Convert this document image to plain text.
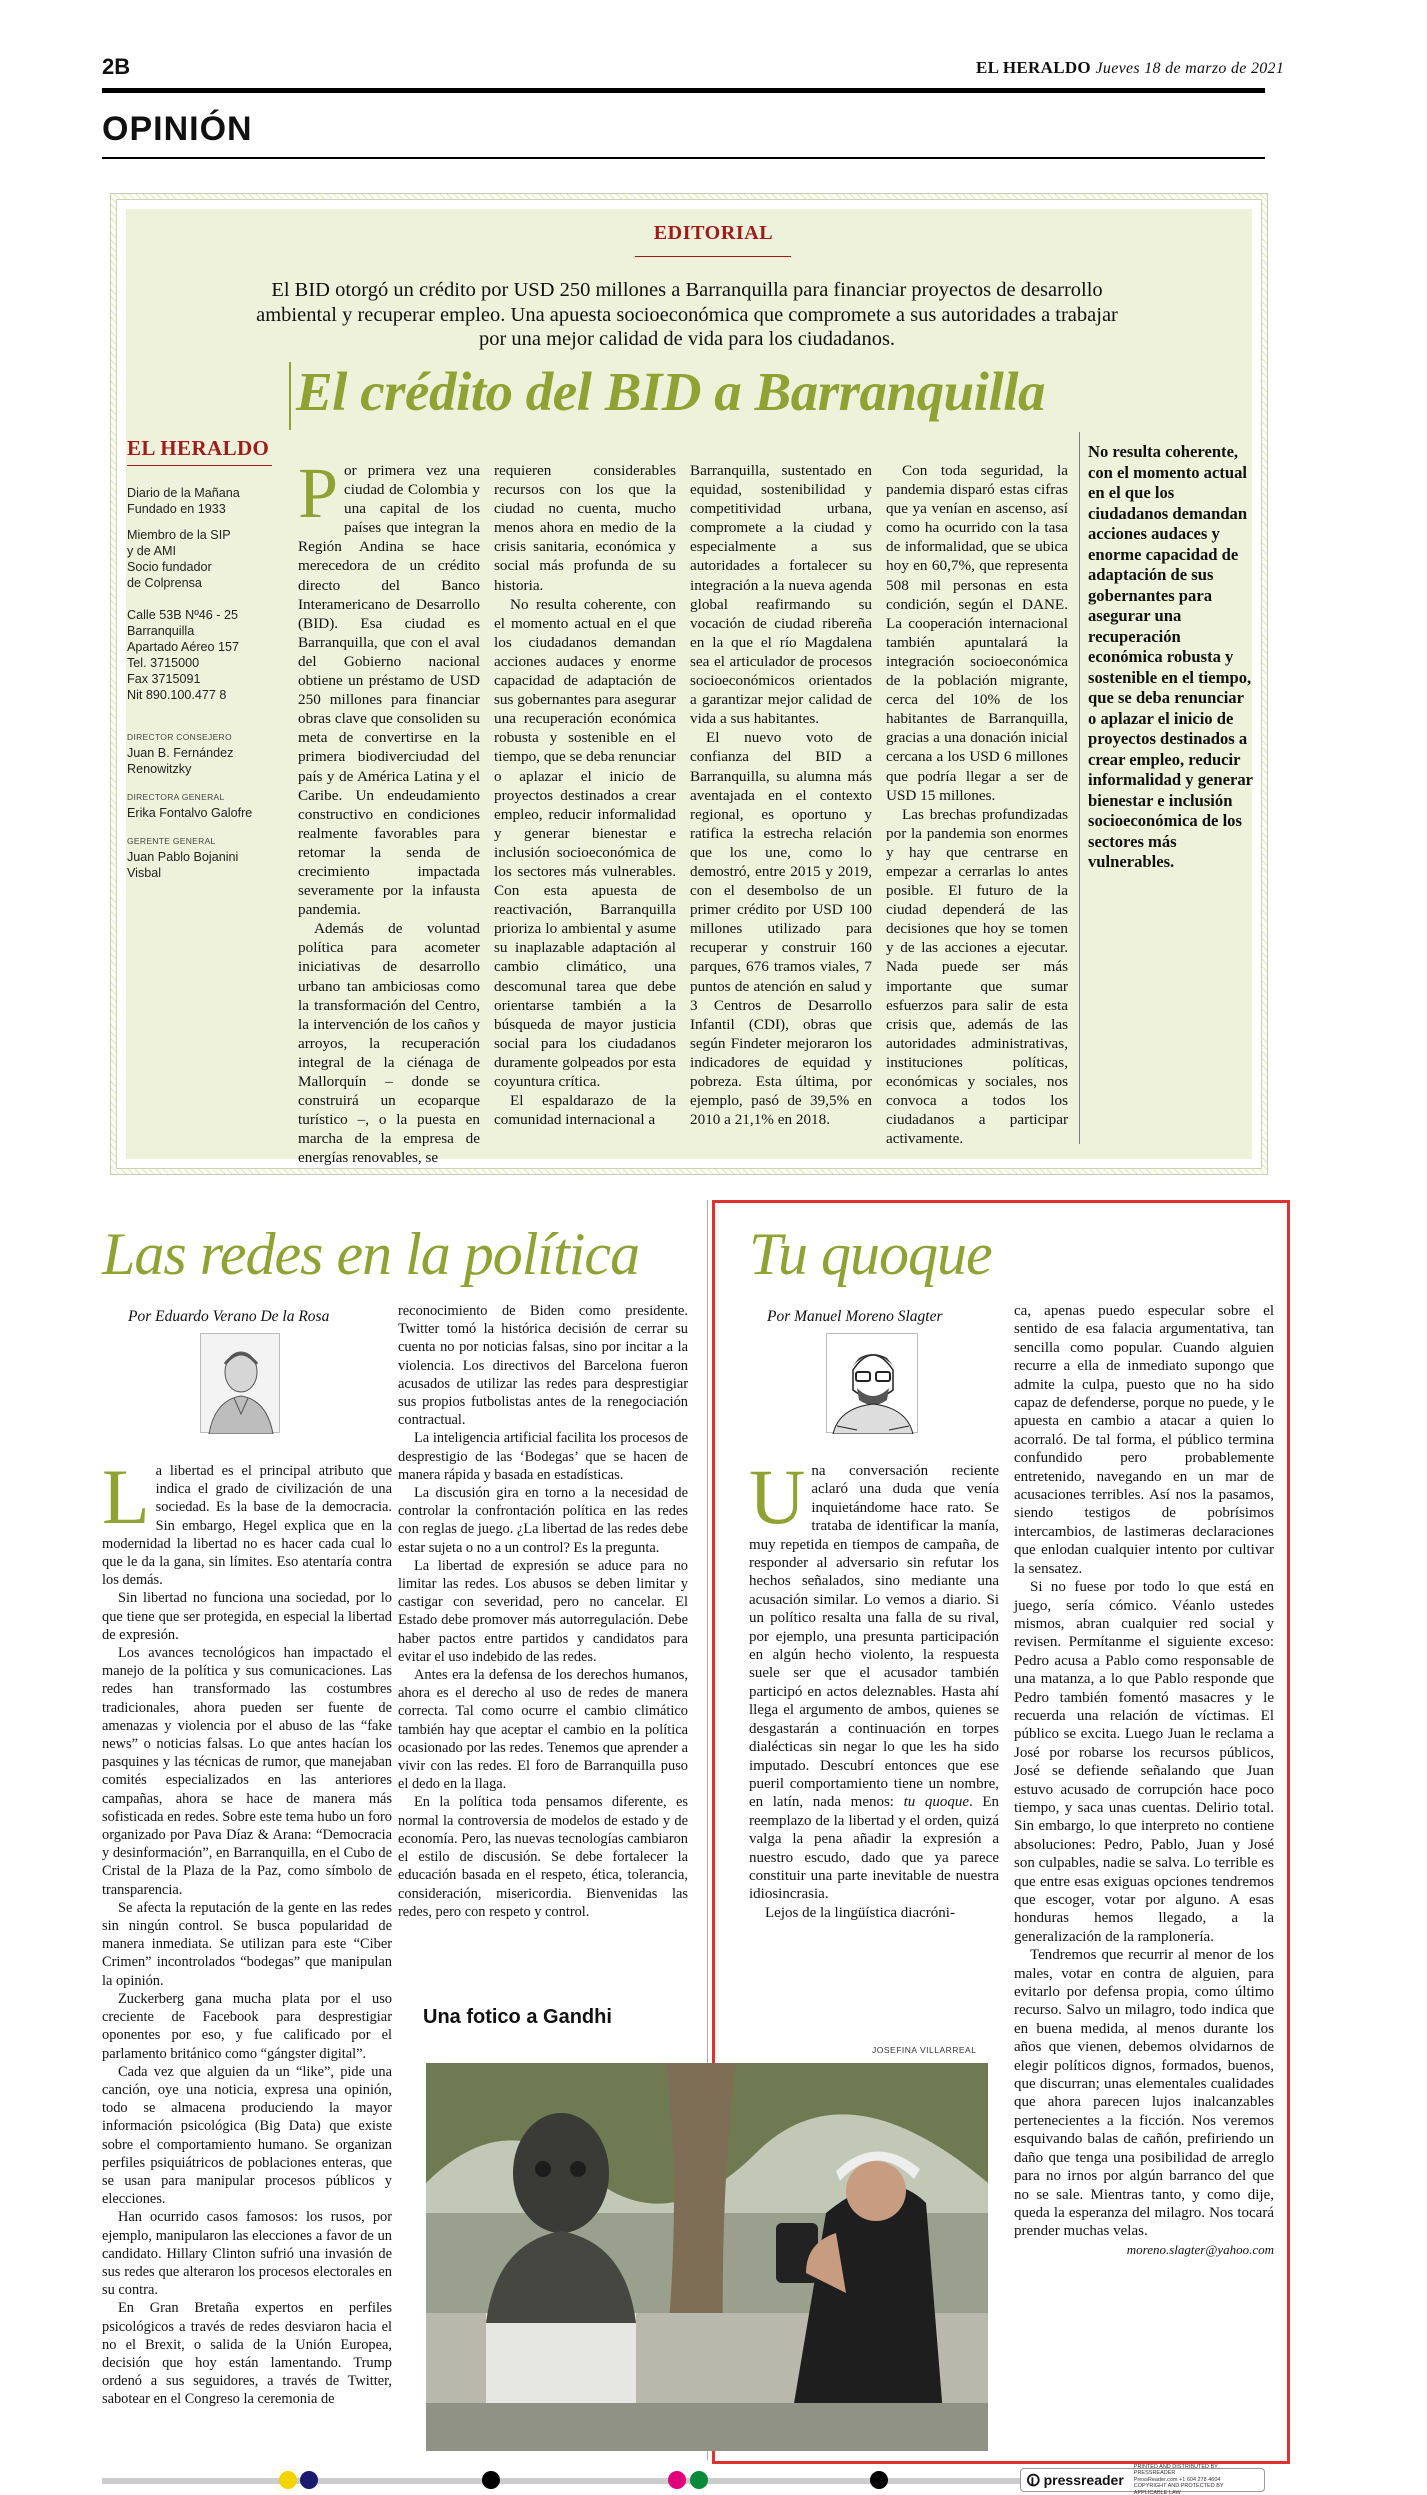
2B	EL HERALDO Jueves 18 de marzo de 2021
OPINIÓN
EDITORIAL
El BID otorgó un crédito por USD 250 millones a Barranquilla para financiar proyectos de desarrollo ambiental y recuperar empleo. Una apuesta socioeconómica que compromete a sus autoridades a trabajar por una mejor calidad de vida para los ciudadanos.
El crédito del BID a Barranquilla
EL HERALDO
Diario de la Mañana
Fundado en 1933
Miembro de la SIP
y de AMI
Socio fundador
de Colprensa
Calle 53B Nº46 - 25
Barranquilla
Apartado Aéreo 157
Tel. 3715000
Fax 3715091
Nit 890.100.477 8
DIRECTOR CONSEJERO
Juan B. Fernández
Renowitzky
DIRECTORA GENERAL
Erika Fontalvo Galofre
GERENTE GENERAL
Juan Pablo Bojanini
Visbal

Por primera vez una ciudad de Colombia y una capital de los países que integran la Región Andina se hace merecedora de un crédito directo del Banco Interamericano de Desarrollo (BID). Esa ciudad es Barranquilla, que con el aval del Gobierno nacional obtiene un préstamo de USD 250 millones para financiar obras clave que consoliden su meta de convertirse en la primera biodiverciudad del país y de América Latina y el Caribe. Un endeudamiento constructivo en condiciones realmente favorables para retomar la senda de crecimiento impactada severamente por la infausta pandemia.

Además de voluntad política para acometer iniciativas de desarrollo urbano tan ambiciosas como la transformación del Centro, la intervención de los caños y arroyos, la recuperación integral de la ciénaga de Mallorquín – donde se construirá un ecoparque turístico –, o la puesta en marcha de la empresa de energías renovables, se

requieren considerables recursos con los que la ciudad no cuenta, mucho menos ahora en medio de la crisis sanitaria, económica y social más profunda de su historia.

No resulta coherente, con el momento actual en el que los ciudadanos demandan acciones audaces y enorme capacidad de adaptación de sus gobernantes para asegurar una recuperación económica robusta y sostenible en el tiempo, que se deba renunciar o aplazar el inicio de proyectos destinados a crear empleo, reducir informalidad y generar bienestar e inclusión socioeconómica de los sectores más vulnerables. Con esta apuesta de reactivación, Barranquilla prioriza lo ambiental y asume su inaplazable adaptación al cambio climático, una descomunal tarea que debe orientarse también a la búsqueda de mayor justicia social para los ciudadanos duramente golpeados por esta coyuntura crítica.

El espaldarazo de la comunidad internacional a

Barranquilla, sustentado en equidad, sostenibilidad y competitividad urbana, compromete a la ciudad y especialmente a sus autoridades a fortalecer su integración a la nueva agenda global reafirmando su vocación de ciudad ribereña en la que el río Magdalena sea el articulador de procesos socioeconómicos orientados a garantizar mejor calidad de vida a sus habitantes.

El nuevo voto de confianza del BID a Barranquilla, su alumna más aventajada en el contexto regional, es oportuno y ratifica la estrecha relación que los une, como lo demostró, entre 2015 y 2019, con el desembolso de un primer crédito por USD 100 millones utilizado para recuperar y construir 160 parques, 676 tramos viales, 7 puntos de atención en salud y 3 Centros de Desarrollo Infantil (CDI), obras que según Findeter mejoraron los indicadores de equidad y pobreza. Esta última, por ejemplo, pasó de 39,5% en 2010 a 21,1% en 2018.

Con toda seguridad, la pandemia disparó estas cifras que ya venían en ascenso, así como ha ocurrido con la tasa de informalidad, que se ubica hoy en 60,7%, que representa 508 mil personas en esta condición, según el DANE. La cooperación internacional también apuntalará la integración socioeconómica de la población migrante, cerca del 10% de los habitantes de Barranquilla, gracias a una donación inicial cercana a los USD 6 millones que podría llegar a ser de USD 15 millones.

Las brechas profundizadas por la pandemia son enormes y hay que centrarse en empezar a cerrarlas lo antes posible. El futuro de la ciudad dependerá de las decisiones que hoy se tomen y de las acciones a ejecutar. Nada puede ser más importante que sumar esfuerzos para salir de esta crisis que, además de las autoridades administrativas, instituciones políticas, económicas y sociales, nos convoca a todos los ciudadanos a participar activamente.

No resulta coherente, con el momento actual en el que los ciudadanos demandan acciones audaces y enorme capacidad de adaptación de sus gobernantes para asegurar una recuperación económica robusta y sostenible en el tiempo, que se deba renunciar o aplazar el inicio de proyectos destinados a crear empleo, reducir informalidad y generar bienestar e inclusión socioeconómica de los sectores más vulnerables.
Las redes en la política
Por Eduardo Verano De la Rosa

La libertad es el principal atributo que indica el grado de civilización de una sociedad. Es la base de la democracia. Sin embargo, Hegel explica que en la modernidad la libertad no es hacer cada cual lo que le da la gana, sin límites. Eso atentaría contra los demás.

Sin libertad no funciona una sociedad, por lo que tiene que ser protegida, en especial la libertad de expresión.

Los avances tecnológicos han impactado el manejo de la política y sus comunicaciones. Las redes han transformado las costumbres tradicionales, ahora pueden ser fuente de amenazas y violencia por el abuso de las “fake news” o noticias falsas. Lo que antes hacían los pasquines y las técnicas de rumor, que manejaban comités especializados en las anteriores campañas, ahora se hace de manera más sofisticada en redes. Sobre este tema hubo un foro organizado por Pava Díaz & Arana: “Democracia y desinformación”, en Barranquilla, en el Cubo de Cristal de la Plaza de la Paz, como símbolo de transparencia.

Se afecta la reputación de la gente en las redes sin ningún control. Se busca popularidad de manera inmediata. Se utilizan para este “Ciber Crimen” incontrolados “bodegas” que manipulan la opinión.

Zuckerberg gana mucha plata por el uso creciente de Facebook para desprestigiar oponentes por eso, y fue calificado por el parlamento británico como “gángster digital”.

Cada vez que alguien da un “like”, pide una canción, oye una noticia, expresa una opinión, todo se almacena produciendo la mayor información psicológica (Big Data) que existe sobre el comportamiento humano. Se organizan perfiles psiquiátricos de poblaciones enteras, que se usan para manipular procesos públicos y elecciones.

Han ocurrido casos famosos: los rusos, por ejemplo, manipularon las elecciones a favor de un candidato. Hillary Clinton sufrió una invasión de sus redes que alteraron los procesos electorales en su contra.

En Gran Bretaña expertos en perfiles psicológicos a través de redes desviaron hacia el no el Brexit, o salida de la Unión Europea, decisión que hoy están lamentando. Trump ordenó a sus seguidores, a través de Twitter, sabotear en el Congreso la ceremonia de

reconocimiento de Biden como presidente. Twitter tomó la histórica decisión de cerrar su cuenta no por noticias falsas, sino por incitar a la violencia. Los directivos del Barcelona fueron acusados de utilizar las redes para desprestigiar sus propios futbolistas antes de la renegociación contractual.

La inteligencia artificial facilita los procesos de desprestigio de las ‘Bodegas’ que se hacen de manera rápida y basada en estadísticas.

La discusión gira en torno a la necesidad de controlar la confrontación política en las redes con reglas de juego. ¿La libertad de las redes debe estar sujeta o no a un control? Es la pregunta.

La libertad de expresión se aduce para no limitar las redes. Los abusos se deben limitar y castigar con severidad, pero no cancelar. El Estado debe promover más autorregulación. Debe haber pactos entre partidos y candidatos para evitar el uso indebido de las redes.

Antes era la defensa de los derechos humanos, ahora es el derecho al uso de redes de manera correcta. Tal como ocurre el cambio climático también hay que aceptar el cambio en la política ocasionado por las redes. Tenemos que aprender a vivir con las redes. El foro de Barranquilla puso el dedo en la llaga.

En la política toda pensamos diferente, es normal la controversia de modelos de estado y de economía. Pero, las nuevas tecnologías cambiaron el estilo de discusión. Se debe fortalecer la educación basada en el respeto, ética, tolerancia, consideración, misericordia. Bienvenidas las redes, pero con respeto y control.

Tu quoque
Por Manuel Moreno Slagter

Una conversación reciente aclaró una duda que venía inquietándome hace rato. Se trataba de identificar la manía, muy repetida en tiempos de campaña, de responder al adversario sin refutar los hechos señalados, sino mediante una acusación similar. Lo vemos a diario. Si un político resalta una falla de su rival, por ejemplo, una presunta participación en algún hecho violento, la respuesta suele ser que el acusador también participó en actos deleznables. Hasta ahí llega el argumento de ambos, quienes se desgastarán a continuación en torpes dialécticas sin negar lo que les ha sido imputado. Descubrí entonces que ese pueril comportamiento tiene un nombre, en latín, nada menos: tu quoque. En reemplazo de la libertad y el orden, quizá valga la pena añadir la expresión a nuestro escudo, dado que ya parece constituir una parte inevitable de nuestra idiosincrasia.

Lejos de la lingüística diacróni-

ca, apenas puedo especular sobre el sentido de esa falacia argumentativa, tan sencilla como popular. Cuando alguien recurre a ella de inmediato supongo que admite la culpa, puesto que no ha sido capaz de defenderse, porque no puede, y le apuesta en cambio a atacar a quien lo acorraló. De tal forma, el público termina confundido pero probablemente entretenido, navegando en un mar de acusaciones terribles. Así nos la pasamos, siendo testigos de pobrísimos intercambios, de lastimeras declaraciones que enlodan cualquier intento por cultivar la sensatez.

Si no fuese por todo lo que está en juego, sería cómico. Véanlo ustedes mismos, abran cualquier red social y revisen. Permítanme el siguiente exceso: Pedro acusa a Pablo como responsable de una matanza, a lo que Pablo responde que Pedro también fomentó masacres y le recuerda una relación de víctimas. El público se excita. Luego Juan le reclama a José por robarse los recursos públicos, José se defiende señalando que Juan estuvo acusado de corrupción hace poco tiempo, y saca unas cuentas. Delirio total. Sin embargo, lo que interpreto no contiene absoluciones: Pedro, Pablo, Juan y José son culpables, nadie se salva. Lo terrible es que entre esas exiguas opciones tendremos que escoger, votar por alguno. A esas honduras hemos llegado, a la generalización de la ramplonería.

Tendremos que recurrir al menor de los males, votar en contra de alguien, para evitarlo por defensa propia, como último recurso. Salvo un milagro, todo indica que en buena medida, al menos durante los años que vienen, debemos olvidarnos de elegir políticos dignos, formados, buenos, que discurran; unas elementales cualidades que ahora parecen lujos inalcanzables pertenecientes a la ficción. Nos veremos esquivando balas de cañón, prefiriendo un daño que tenga una posibilidad de arreglo para no irnos por algún barranco del que no se sale. Mientras tanto, y como dije, queda la esperanza del milagro. Nos tocará prender muchas velas.

moreno.slagter@yahoo.com

Una fotico a Gandhi
JOSEFINA VILLARREAL
pressreader
PRINTED AND DISTRIBUTED BY PRESSREADER
PressReader.com +1 604 278 4604
COPYRIGHT AND PROTECTED BY APPLICABLE LAW
